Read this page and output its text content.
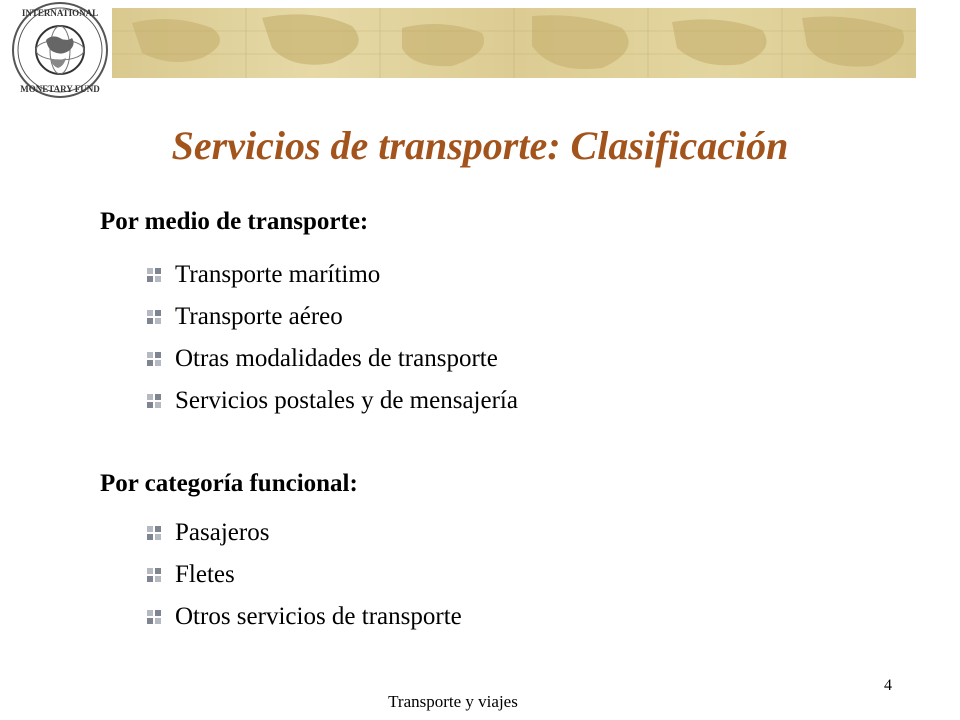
INTERNATIONAL
MONETARY FUND
Servicios de transporte: Clasificación
Por medio de transporte:
Transporte marítimo
Transporte aéreo
Otras modalidades de transporte
Servicios postales y de mensajería
Por categoría funcional:
Pasajeros
Fletes
Otros servicios de transporte
Transporte y viajes
4
